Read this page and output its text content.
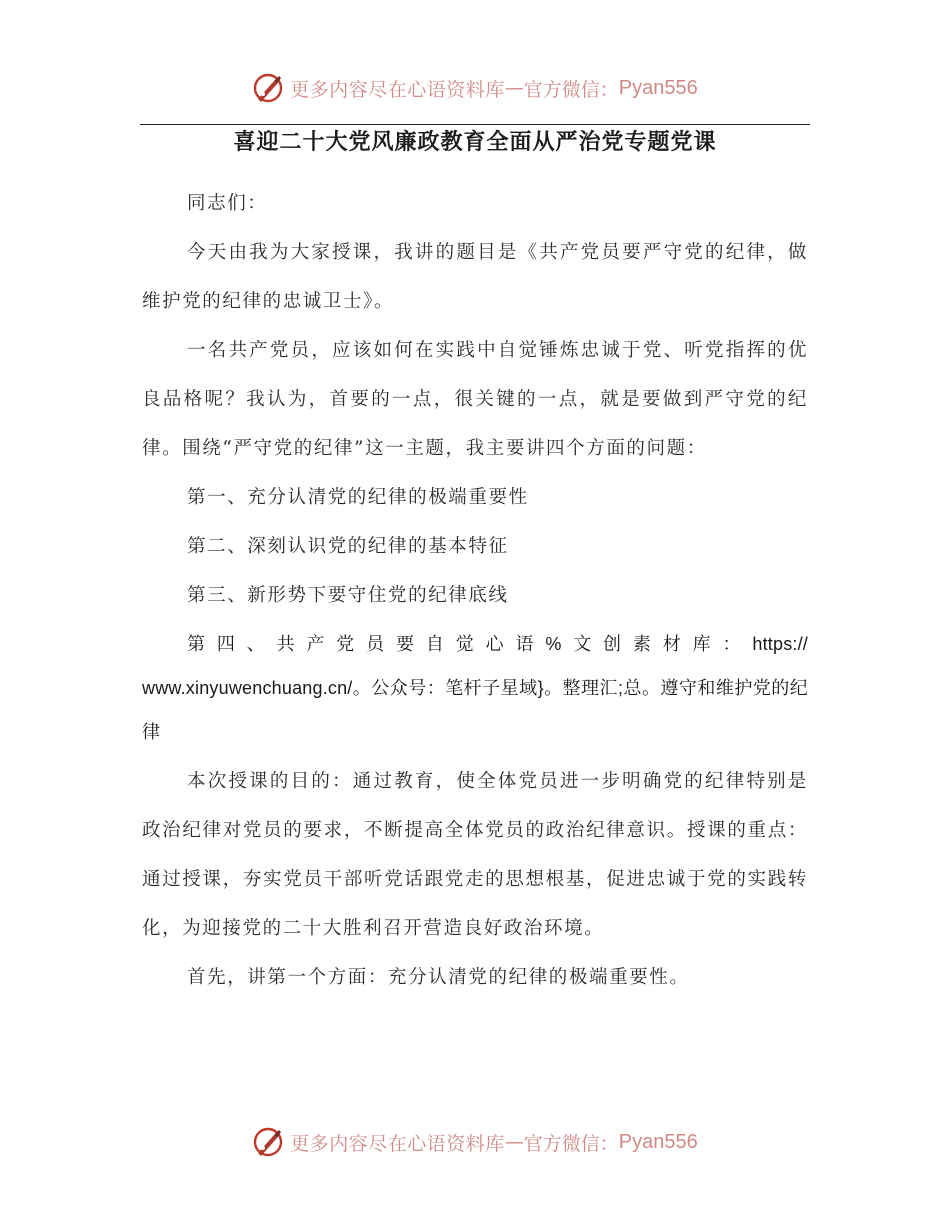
更多内容尽在心语资料库 — 官方微信： Pyan556
喜迎二十大党风廉政教育全面从严治党专题党课

同志们：

今天由我为大家授课，我讲的题目是《共产党员要严守党的纪律，做维护党的纪律的忠诚卫士》。

一名共产党员，应该如何在实践中自觉锤炼忠诚于党、听党指挥的优良品格呢？我认为，首要的一点，很关键的一点，就是要做到严守党的纪律。围绕“严守党的纪律”这一主题，我主要讲四个方面的问题：

第一、充分认清党的纪律的极端重要性

第二、深刻认识党的纪律的基本特征

第三、新形势下要守住党的纪律底线

第四、共产党员要自觉心语%文创素材库：https:// www.xinyuwenchuang.cn/。公众号：笔杆子星域}。整理汇;总。遵守和维护党的纪律

本次授课的目的：通过教育，使全体党员进一步明确党的纪律特别是政治纪律对党员的要求，不断提高全体党员的政治纪律意识。授课的重点：通过授课，夯实党员干部听党话跟党走的思想根基，促进忠诚于党的实践转化，为迎接党的二十大胜利召开营造良好政治环境。

首先，讲第一个方面：充分认清党的纪律的极端重要性。

更多内容尽在心语资料库 — 官方微信： Pyan556
